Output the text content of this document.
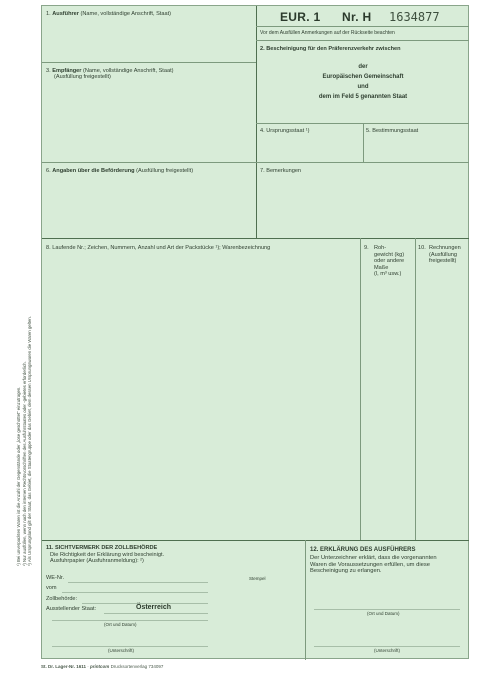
EUR. 1 Nr. H 1634877
Vor dem Ausfüllen Anmerkungen auf der Rückseite beachten
1. Ausführer (Name, vollständige Anschrift, Staat)
2. Bescheinigung für den Präferenzverkehr zwischen
der
Europäischen Gemeinschaft
und
dem im Feld 5 genannten Staat
3. Empfänger (Name, vollständige Anschrift, Staat)
(Ausfüllung freigestellt)
4. Ursprungsstaat ¹)	5. Bestimmungsstaat
6. Angaben über die Beförderung (Ausfüllung freigestellt)	7. Bemerkungen
8. Laufende Nr.; Zeichen, Nummern, Anzahl und Art der Packstücke ¹); Warenbezeichnung	9. Roh-
gewicht (kg)
oder andere
Maße
(l, m³ usw.)
10. Rechnungen
(Ausfüllung
freigestellt)
11. SICHTVERMERK DER ZOLLBEHÖRDE
Die Richtigkeit der Erklärung wird bescheinigt.
Ausfuhrpapier (Ausfuhranmeldung): ²)
WE-Nr.	Stempel
vom
Zollbehörde:
Ausstellender Staat:	Österreich
(Ort und Datum)
(Unterschrift)
12. ERKLÄRUNG DES AUSFÜHRERS
Der Unterzeichner erklärt, dass die vorgenannten
Waren die Voraussetzungen erfüllen, um diese
Bescheinigung zu erlangen.
(Ort und Datum)
(Unterschrift)
¹) Bei unverpackten Waren ist die Anzahl der Gegenstände oder „lose geschüttet“ einzutragen. ²) Nur ausfüllen, wenn nach den internen Rechtsvorschriften des Ausfuhrstaates oder -gebietes erforderlich. ³) Als Ursprungsland gilt der Staat, das Gebiet, die Staatengruppe oder das Gebiet, dem dessen Ursprungswaren die Waren gelten.
St. Dr. Lager-Nr. 1611 · printcom Drucksortenverlag 734097
